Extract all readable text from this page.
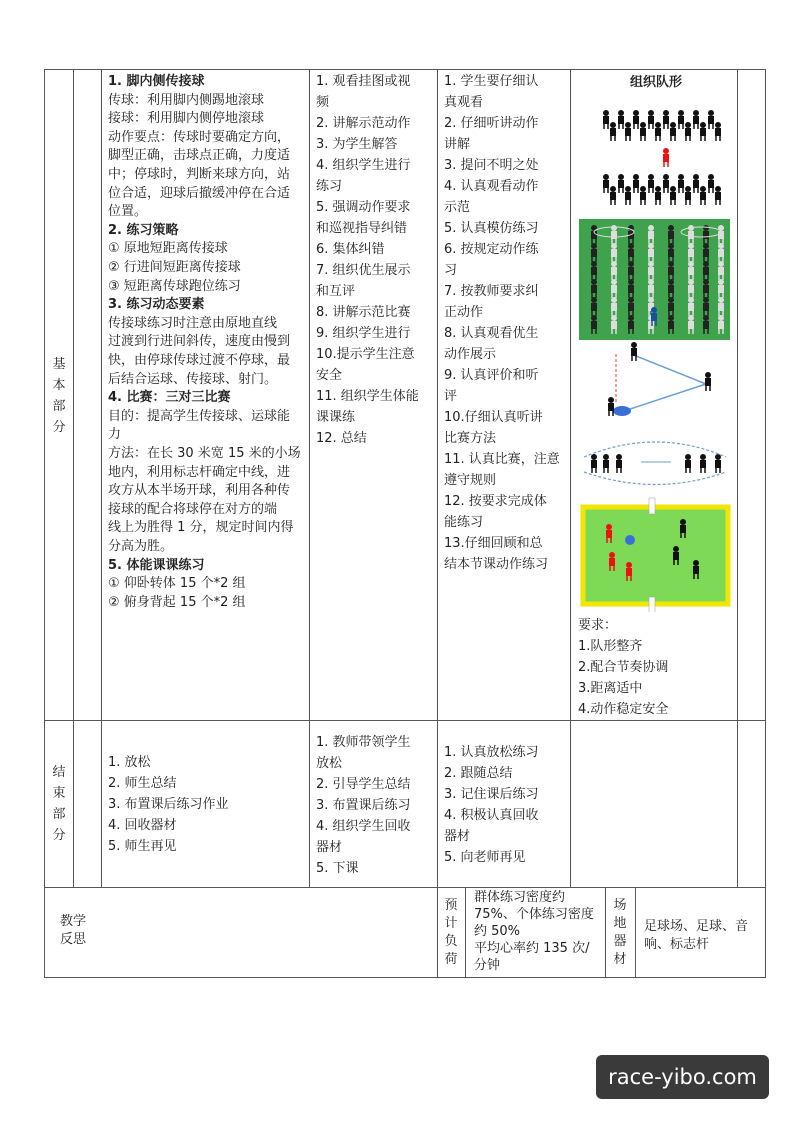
基本部分
结束部分
1. 脚内侧传接球
传球：利用脚内侧踢地滚球
接球：利用脚内侧停地滚球
动作要点：传球时要确定方向，
脚型正确，击球点正确，力度适
中；停球时，判断来球方向，站
位合适，迎球后撤缓冲停在合适
位置。
2. 练习策略
① 原地短距离传接球
② 行进间短距离传接球
③ 短距离传球跑位练习
3. 练习动态要素
传接球练习时注意由原地直线
过渡到行进间斜传，速度由慢到
快，由停球传球过渡不停球，最
后结合运球、传接球、射门。
4. 比赛：三对三比赛
目的：提高学生传接球、运球能
力
方法：在长 30 米宽 15 米的小场
地内，利用标志杆确定中线，进
攻方从本半场开球，利用各种传
接球的配合将球停在对方的端
线上为胜得 1 分，规定时间内得
分高为胜。
5. 体能课课练习
① 仰卧转体 15 个*2 组
② 俯身背起 15 个*2 组
1. 观看挂图或视
频
2. 讲解示范动作
3. 为学生解答
4. 组织学生进行
练习
5. 强调动作要求
和巡视指导纠错
6. 集体纠错
7. 组织优生展示
和互评
8. 讲解示范比赛
9. 组织学生进行
10.提示学生注意
安全
11. 组织学生体能
课课练
12. 总结
1. 学生要仔细认
真观看
2. 仔细听讲动作
讲解
3. 提问不明之处
4. 认真观看动作
示范
5. 认真模仿练习
6. 按规定动作练
习
7. 按教师要求纠
正动作
8. 认真观看优生
动作展示
9. 认真评价和听
评
10.仔细认真听讲
比赛方法
11. 认真比赛，注意
遵守规则
12. 按要求完成体
能练习
13.仔细回顾和总
结本节课动作练习
1. 放松
2. 师生总结
3. 布置课后练习作业
4. 回收器材
5. 师生再见
1. 教师带领学生
放松
2. 引导学生总结
3. 布置课后练习
4. 组织学生回收
器材
5. 下课
1. 认真放松练习
2. 跟随总结
3. 记住课后练习
4. 积极认真回收
器材
5. 向老师再见
组织队形
要求：
1.队形整齐
2.配合节奏协调
3.距离适中
4.动作稳定安全
教学反思
预计负荷
群体练习密度约
75%、个体练习密度
约 50%
平均心率约 135 次/
分钟
场地器材
足球场、足球、音
响、标志杆
race-yibo.com
